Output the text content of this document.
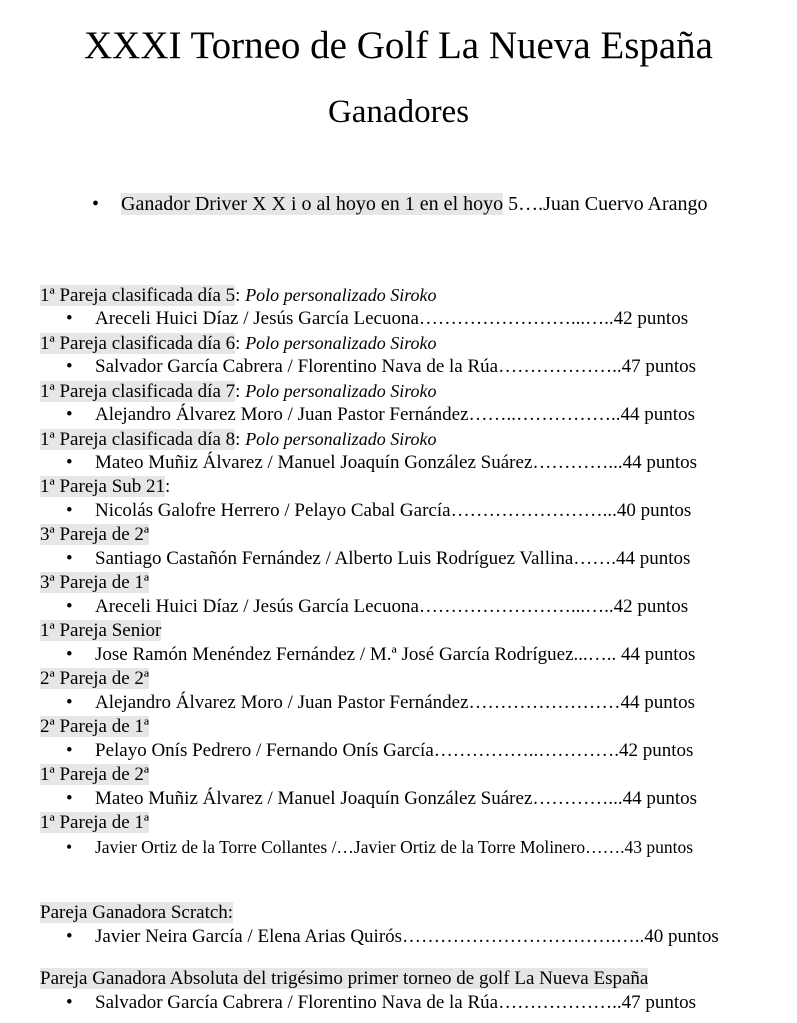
XXXI Torneo de Golf La Nueva España
Ganadores
• Ganador Driver X X i o al hoyo en 1 en el hoyo 5….Juan Cuervo Arango
1ª Pareja clasificada día 5: Polo personalizado Siroko
• Areceli Huici Díaz / Jesús García Lecuona……………………...…..42 puntos
1ª Pareja clasificada día 6: Polo personalizado Siroko
• Salvador García Cabrera / Florentino Nava de la Rúa………………..47 puntos
1ª Pareja clasificada día 7: Polo personalizado Siroko
• Alejandro Álvarez Moro / Juan Pastor Fernández……..……………..44 puntos
1ª Pareja clasificada día 8: Polo personalizado Siroko
• Mateo Muñiz Álvarez / Manuel Joaquín González Suárez…………...44 puntos
1ª Pareja Sub 21:
• Nicolás Galofre Herrero / Pelayo Cabal García……………………...40 puntos
3ª Pareja de 2ª
• Santiago Castañón Fernández / Alberto Luis Rodríguez Vallina…….44 puntos
3ª Pareja de 1ª
• Areceli Huici Díaz / Jesús García Lecuona……………………...…..42 puntos
1ª Pareja Senior
• Jose Ramón Menéndez Fernández / M.ª José García Rodríguez...….. 44 puntos
2ª Pareja de 2ª
• Alejandro Álvarez Moro / Juan Pastor Fernández……………………44 puntos
2ª Pareja de 1ª
• Pelayo Onís Pedrero / Fernando Onís García……………..………….42 puntos
1ª Pareja de 2ª
• Mateo Muñiz Álvarez / Manuel Joaquín González Suárez…………...44 puntos
1ª Pareja de 1ª
• Javier Ortiz de la Torre Collantes /…Javier Ortiz de la Torre Molinero…….43 puntos
Pareja Ganadora Scratch:
• Javier Neira García / Elena Arias Quirós…………………………….…..40 puntos
Pareja Ganadora Absoluta del trigésimo primer torneo de golf La Nueva España
• Salvador García Cabrera / Florentino Nava de la Rúa………………..47 puntos
